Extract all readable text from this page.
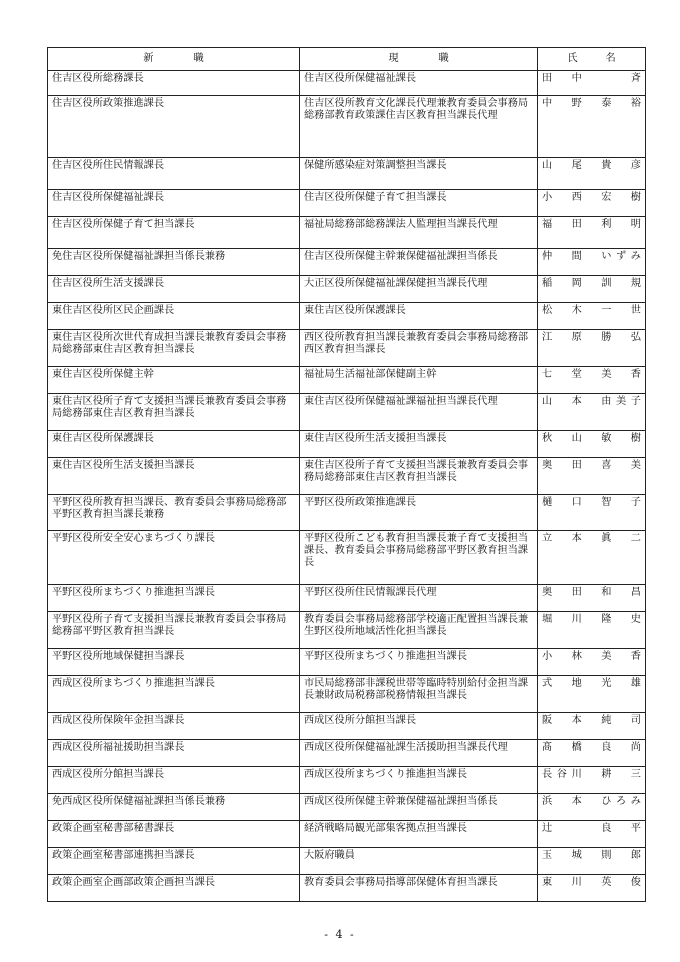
新職	現職	氏名
住吉区役所総務課長	住吉区役所保健福祉課長	田　中　　　斉
住吉区役所政策推進課長	住吉区役所教育文化課長代理兼教育委員会事務局総務部教育政策課住吉区教育担当課長代理	中　野　泰　裕
住吉区役所住民情報課長	保健所感染症対策調整担当課長	山　尾　貴　彦
住吉区役所保健福祉課長	住吉区役所保健子育て担当課長	小　西　宏　樹
住吉区役所保健子育て担当課長	福祉局総務部総務課法人監理担当課長代理	福　田　利　明
免住吉区役所保健福祉課担当係長兼務	住吉区役所保健主幹兼保健福祉課担当係長	仲　間　いずみ
住吉区役所生活支援課長	大正区役所保健福祉課保健担当課長代理	稲　岡　訓　規
東住吉区役所区民企画課長	東住吉区役所保護課長	松　木　一　世
東住吉区役所次世代育成担当課長兼教育委員会事務局総務部東住吉区教育担当課長	西区役所教育担当課長兼教育委員会事務局総務部西区教育担当課長	江　原　勝　弘
東住吉区役所保健主幹	福祉局生活福祉部保健副主幹	七　堂　美　香
東住吉区役所子育て支援担当課長兼教育委員会事務局総務部東住吉区教育担当課長	東住吉区役所保健福祉課福祉担当課長代理	山　本　由美子
東住吉区役所保護課長	東住吉区役所生活支援担当課長	秋　山　敏　樹
東住吉区役所生活支援担当課長	東住吉区役所子育て支援担当課長兼教育委員会事務局総務部東住吉区教育担当課長	奥　田　喜　美
平野区役所教育担当課長、教育委員会事務局総務部平野区教育担当課長兼務	平野区役所政策推進課長	樋　口　智　子
平野区役所安全安心まちづくり課長	平野区役所こども教育担当課長兼子育て支援担当課長、教育委員会事務局総務部平野区教育担当課長	立　本　眞　二
平野区役所まちづくり推進担当課長	平野区役所住民情報課長代理	奥　田　和　昌
平野区役所子育て支援担当課長兼教育委員会事務局総務部平野区教育担当課長	教育委員会事務局総務部学校適正配置担当課長兼生野区役所地域活性化担当課長	堀　川　隆　史
平野区役所地域保健担当課長	平野区役所まちづくり推進担当課長	小　林　美　香
西成区役所まちづくり推進担当課長	市民局総務部非課税世帯等臨時特別給付金担当課長兼財政局税務部税務情報担当課長	式　地　光　雄
西成区役所保険年金担当課長	西成区役所分館担当課長	阪　本　純　司
西成区役所福祉援助担当課長	西成区役所保健福祉課生活援助担当課長代理	髙　橋　良　尚
西成区役所分館担当課長	西成区役所まちづくり推進担当課長	長谷川　耕　三
免西成区役所保健福祉課担当係長兼務	西成区役所保健主幹兼保健福祉課担当係長	浜　本　ひろみ
政策企画室秘書部秘書課長	経済戦略局観光部集客拠点担当課長	辻　　　良　平
政策企画室秘書部連携担当課長	大阪府職員	玉　城　則　郎
政策企画室企画部政策企画担当課長	教育委員会事務局指導部保健体育担当課長	東　川　英　俊
- 4 -
